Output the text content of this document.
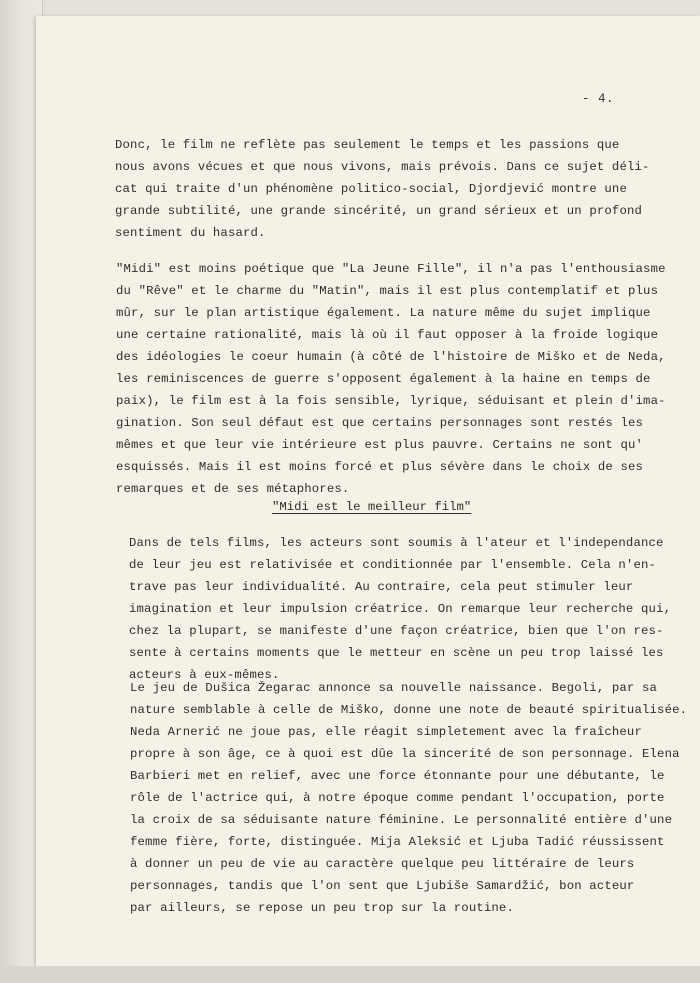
- 4.
Donc, le film ne reflète pas seulement le temps et les passions que
nous avons vécues et que nous vivons, mais prévois. Dans ce sujet déli-
cat qui traite d'un phénomène politico-social, Djordjević montre une
grande subtilité, une grande sincérité, un grand sérieux et un profond
sentiment du hasard.
"Midi" est moins poétique que "La Jeune Fille", il n'a pas l'enthousiasme
du "Rêve" et le charme du "Matin", mais il est plus contemplatif et plus
mûr, sur le plan artistique également. La nature même du sujet implique
une certaine rationalité, mais là où il faut opposer à la froide logique
des idéologies le coeur humain (à côté de l'histoire de Miško et de Neda,
les reminiscences de guerre s'opposent également à la haine en temps de
paix), le film est à la fois sensible, lyrique, séduisant et plein d'ima-
gination. Son seul défaut est que certains personnages sont restés les
mêmes et que leur vie intérieure est plus pauvre. Certains ne sont qu'
esquissés. Mais il est moins forcé et plus sévère dans le choix de ses
remarques et de ses métaphores.
"Midi est le meilleur film"
Dans de tels films, les acteurs sont soumis à l'ateur et l'independance
de leur jeu est relativisée et conditionnée par l'ensemble. Cela n'en-
trave pas leur individualité. Au contraire, cela peut stimuler leur
imagination et leur impulsion créatrice. On remarque leur recherche qui,
chez la plupart, se manifeste d'une façon créatrice, bien que l'on res-
sente à certains moments que le metteur en scène un peu trop laissé les
acteurs à eux-mêmes.
Le jeu de Dušica Žegarac annonce sa nouvelle naissance. Begoli, par sa
nature semblable à celle de Miško, donne une note de beauté spiritualisée.
Neda Arnerić ne joue pas, elle réagit simpletement avec la fraîcheur
propre à son âge, ce à quoi est dûe la sincerité de son personnage. Elena
Barbieri met en relief, avec une force étonnante pour une débutante, le
rôle de l'actrice qui, à notre époque comme pendant l'occupation, porte
la croix de sa séduisante nature féminine. Le personnalité entière d'une
femme fière, forte, distinguée. Mija Aleksić et Ljuba Tadić réussissent
à donner un peu de vie au caractère quelque peu littéraire de leurs
personnages, tandis que l'on sent que Ljubiše Samardžić, bon acteur
par ailleurs, se repose un peu trop sur la routine.
